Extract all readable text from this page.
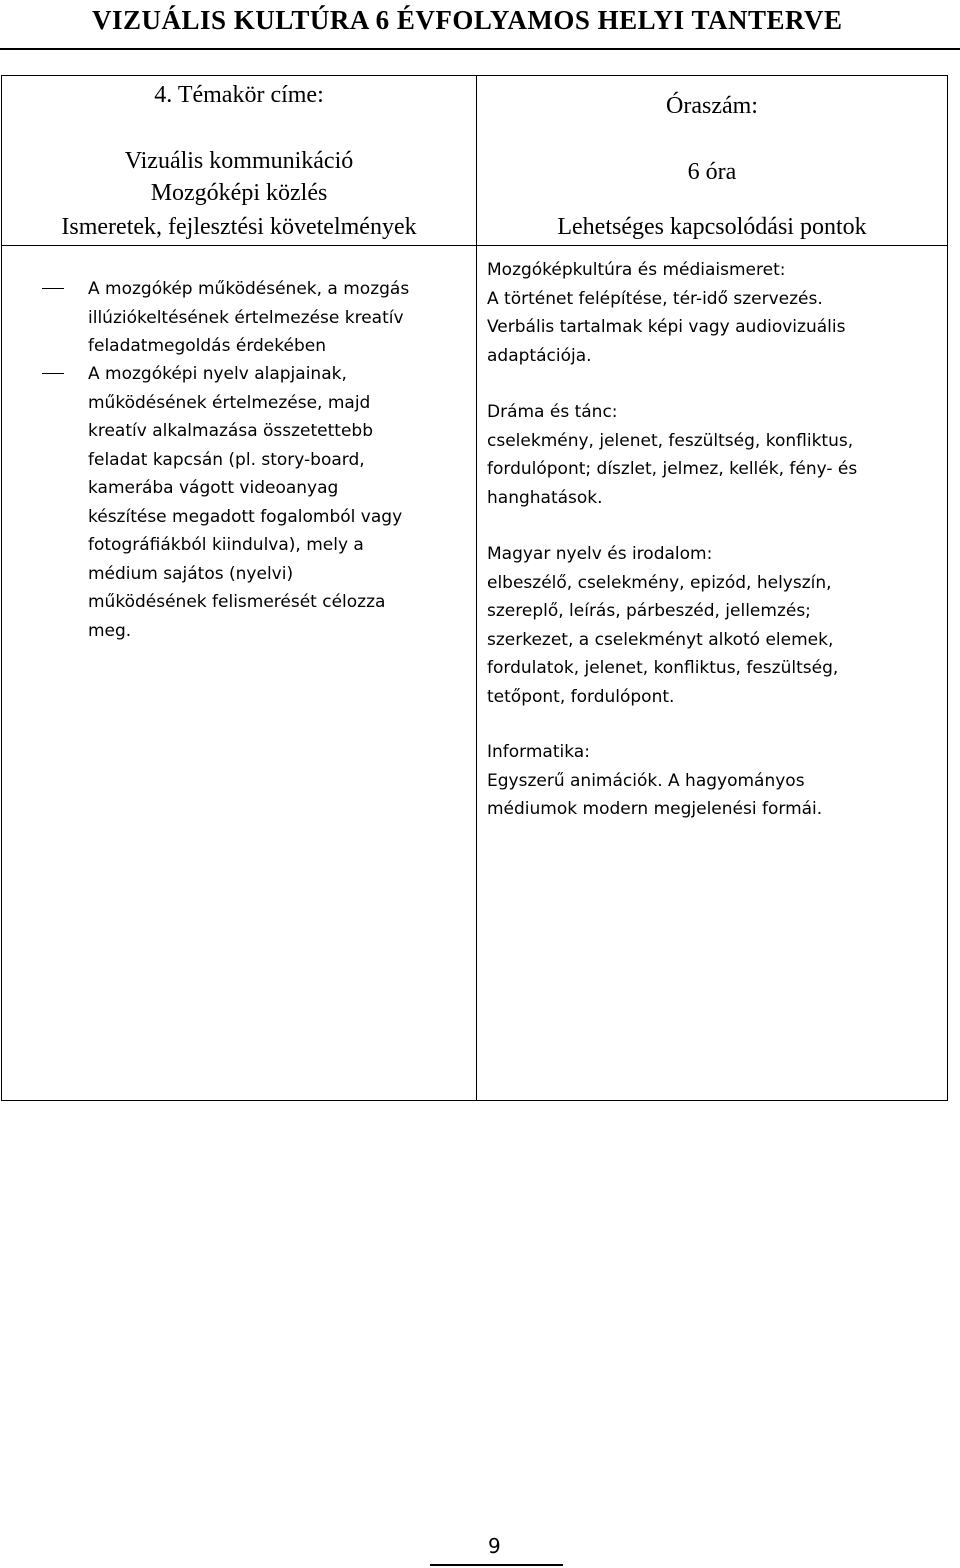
VIZUÁLIS KULTÚRA 6 ÉVFOLYAMOS HELYI TANTERVE
4. Témakör címe:
Vizuális kommunikáció
Mozgóképi közlés
Ismeretek, fejlesztési követelmények
Óraszám:
6 óra
Lehetséges kapcsolódási pontok
A mozgókép működésének, a mozgás
illúziókeltésének értelmezése kreatív
feladatmegoldás érdekében
A mozgóképi nyelv alapjainak,
működésének értelmezése, majd
kreatív alkalmazása összetettebb
feladat kapcsán (pl. story-board,
kamerába vágott videoanyag
készítése megadott fogalomból vagy
fotográfiákból kiindulva), mely a
médium sajátos (nyelvi)
működésének felismerését célozza
meg.
Mozgóképkultúra és médiaismeret:
A történet felépítése, tér-idő szervezés.
Verbális tartalmak képi vagy audiovizuális
adaptációja.
Dráma és tánc:
cselekmény, jelenet, feszültség, konfliktus,
fordulópont; díszlet, jelmez, kellék, fény- és
hanghatások.
Magyar nyelv és irodalom:
elbeszélő, cselekmény, epizód, helyszín,
szereplő, leírás, párbeszéd, jellemzés;
szerkezet, a cselekményt alkotó elemek,
fordulatok, jelenet, konfliktus, feszültség,
tetőpont, fordulópont.
Informatika:
Egyszerű animációk. A hagyományos
médiumok modern megjelenési formái.
9
